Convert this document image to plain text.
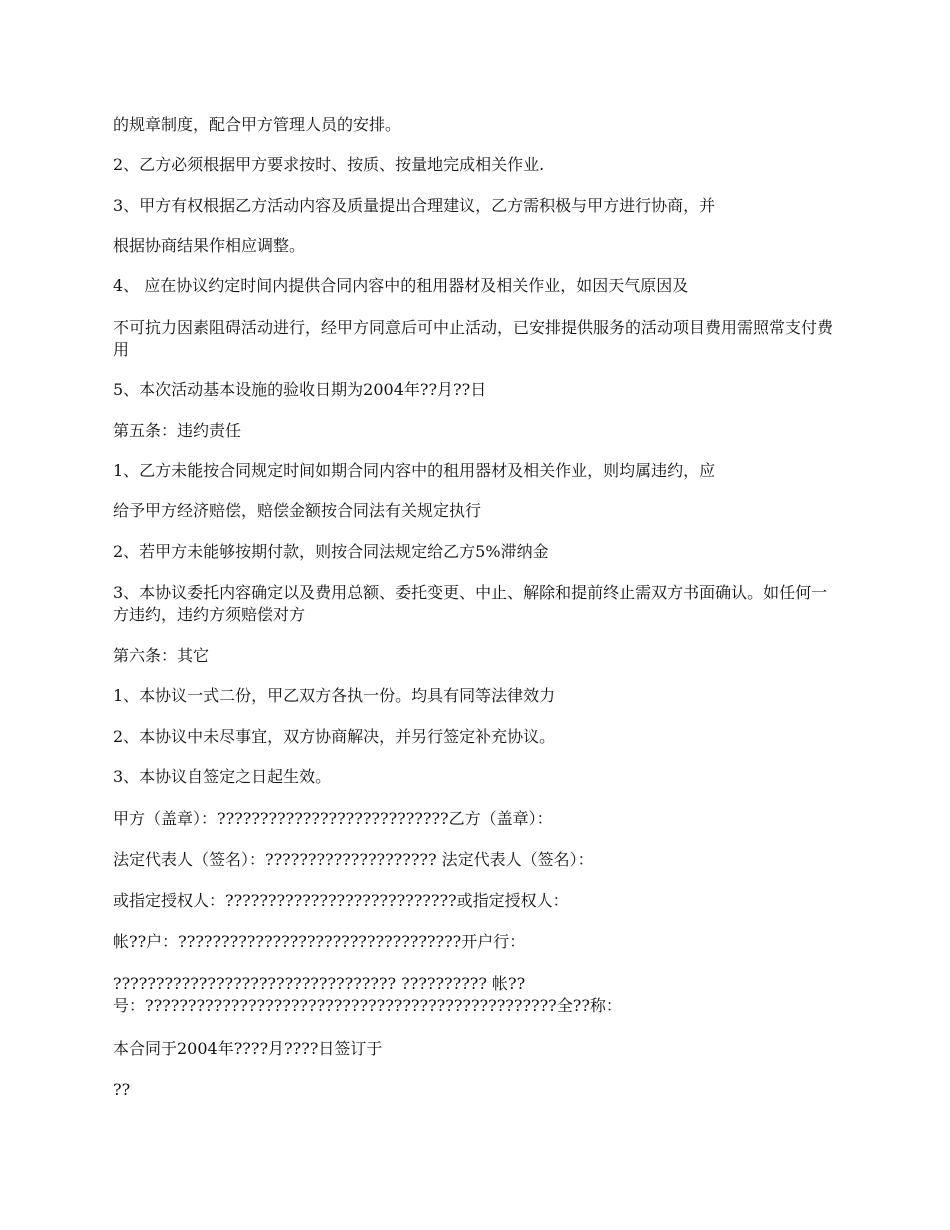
的规章制度，配合甲方管理人员的安排。
2、乙方必须根据甲方要求按时、按质、按量地完成相关作业.
3、甲方有权根据乙方活动内容及质量提出合理建议，乙方需积极与甲方进行协商，并
根据协商结果作相应调整。
4、 应在协议约定时间内提供合同内容中的租用器材及相关作业，如因天气原因及
不可抗力因素阻碍活动进行，经甲方同意后可中止活动，已安排提供服务的活动项目费用需照常支付费用
5、本次活动基本设施的验收日期为2004年??月??日
第五条：违约责任
1、乙方未能按合同规定时间如期合同内容中的租用器材及相关作业，则均属违约，应
给予甲方经济赔偿，赔偿金额按合同法有关规定执行
2、若甲方未能够按期付款，则按合同法规定给乙方5%滞纳金
3、本协议委托内容确定以及费用总额、委托变更、中止、解除和提前终止需双方书面确认。如任何一方违约，违约方须赔偿对方
第六条：其它
1、本协议一式二份，甲乙双方各执一份。均具有同等法律效力
2、本协议中未尽事宜，双方协商解决，并另行签定补充协议。
3、本协议自签定之日起生效。
甲方（盖章）：???????????????????????????乙方（盖章）：
法定代表人（签名）：???????????????????? 法定代表人（签名）：
或指定授权人：???????????????????????????或指定授权人：
帐??户：?????????????????????????????????开户行：
????????????????????????????????? ?????????? 帐??号：????????????????????????????????????????????????全??称：
本合同于2004年????月????日签订于
??
